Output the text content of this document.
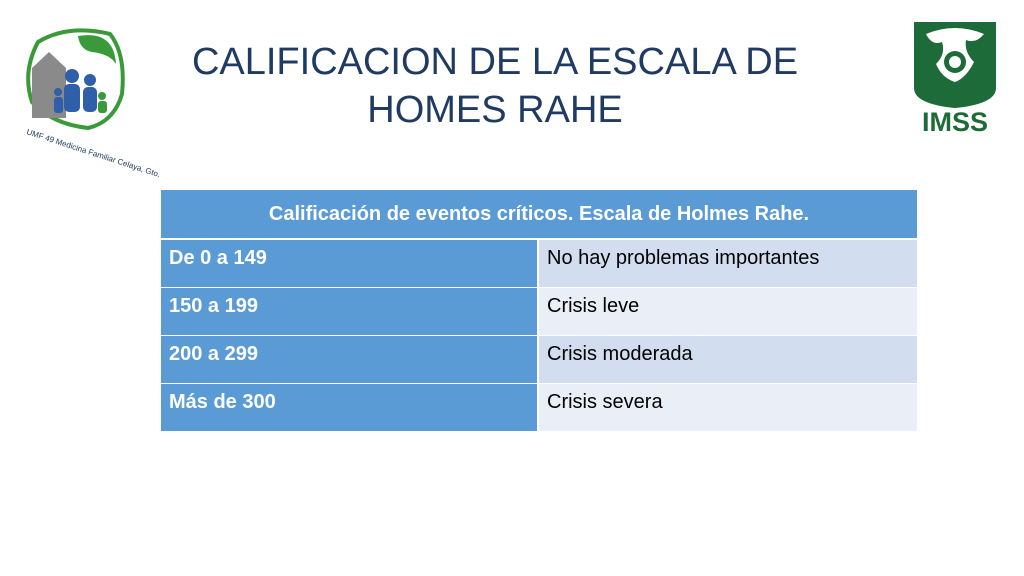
UMF 49 Medicina Familiar Celaya, Gto.
CALIFICACION DE LA ESCALA DE
HOMES RAHE	IMSS
Calificación de eventos críticos. Escala de Holmes Rahe.	
De 0 a 149	No hay problemas importantes
150 a 199	Crisis leve
200 a 299	Crisis moderada
Más de 300	Crisis severa
